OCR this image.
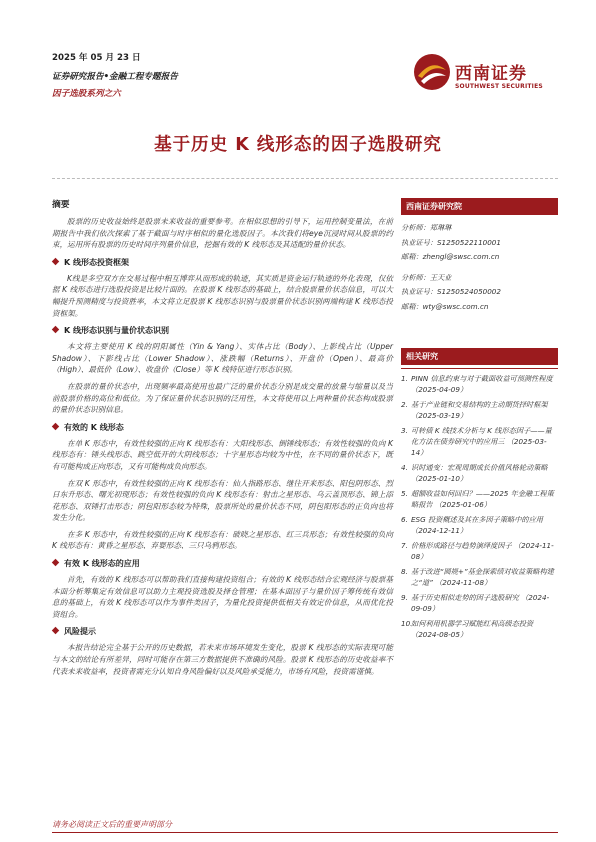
2025 年 05 月 23 日
证券研究报告•金融工程专题报告
因子选股系列之六
西南证券
SOUTHWEST SECURITIES
基于历史 K 线形态的因子选股研究
摘要

股票的历史收益始终是股票未来收益的重要参考。在相似思想的引导下，运用控制变量法，在前期报告中我们依次探索了基于截面与时序相似的量化选股因子。本次我们将eye沉浸时间从股票的约束，运用所有股票的历史时间序列量价信息，挖掘有效的 K 线形态及其适配的量价状态。

K 线形态投资框架

K线是多空双方在交易过程中相互博弈从而形成的轨迹，其实质是资金运行轨迹的外化表现，仅依据 K 线形态进行选股投资是比较片面的。在股票 K 线形态的基础上，结合股票量价状态信息，可以大幅提升预测精度与投资胜率，本文将立足股票 K 线形态识别与股票量价状态识别两端构建 K 线形态投资框架。

K 线形态识别与量价状态识别

本文将主要使用 K 线的阴阳属性（Yin & Yang）、实体占比（Body）、上影线占比（Upper Shadow）、下影线占比（Lower Shadow）、涨跌幅（Returns）、开盘价（Open）、最高价（High）、最低价（Low）、收盘价（Close）等 K 线特征进行形态识别。

在股票的量价状态中，出现频率最高使用也最广泛的量价状态分别是成交量的放量与缩量以及当前股票价格的高位和低位。为了保证量价状态识别的泛用性，本文将使用以上两种量价状态构成股票的量价状态识别信息。

有效的 K 线形态

在单 K 形态中，有效性较强的正向 K 线形态有：大阳线形态、倒锤线形态；有效性较强的负向 K 线形态有：锤头线形态、跳空低开的大阴线形态；十字星形态均较为中性，在不同的量价状态下，既有可能构成正向形态，又有可能构成负向形态。

在双 K 形态中，有效性较强的正向 K 线形态有：仙人指路形态、继往开来形态、阳包阴形态、烈日东升形态、曙光初现形态；有效性较强的负向 K 线形态有：射击之星形态、乌云盖顶形态、锦上添花形态、双锤打击形态；阴包阳形态较为特殊，股票所处的量价状态不同，阴包阳形态的正负向也将发生分化。

在多 K 形态中，有效性较强的正向 K 线形态有：破晓之星形态、红三兵形态；有效性较强的负向 K 线形态有：黄昏之星形态、弃婴形态、三只乌鸦形态。

有效 K 线形态的应用

首先，有效的 K 线形态可以帮助我们直接构建投资组合；有效的 K 线形态结合宏观经济与股票基本面分析筹集定有效信息可以助力主观投资选股及择仓管理；在基本面因子与量价因子筹传统有效信息的基础上，有效 K 线形态可以作为事件类因子，为量化投资提供低相关有效定价信息，从而优化投资组合。

风险提示

本报告结论完全基于公开的历史数据，若未来市场环境发生变化，股票 K 线形态的实际表现可能与本文的结论有所差异，同时可能存在第三方数据提供不准确的风险。股票 K 线形态的历史收益率不代表未来收益率，投资者需充分认知自身风险偏好以及风险承受能力，市场有风险，投资需谨慎。

西南证券研究院
分析师：郑琳琳
执业证号：S1250522110001
邮箱：zhengl@swsc.com.cn
分析师：王天业
执业证号：S1250524050002
邮箱：wty@swsc.com.cn
相关研究
1. PINN 信息约束与对于截面收益可预测性程度 （2025-04-09）
2. 基于产业链和交易结构的主动期货择时框架 （2025-03-19）
3. 可转债 K 线技术分析与 K 线形态因子——量化方法在债券研究中的应用三 （2025-03-14）
4. 识时通变：宏观周期成长价值风格轮动策略 （2025-01-10）
5. 超额收益如何回归？——2025 年金融工程策略报告 （2025-01-06）
6. ESG 投资概述及其在多因子策略中的应用 （2024-12-11）
7. 价格形成路径与趋势演绎度因子 （2024-11-08）
8. 基于改进“圆规+”基金探索绩对收益策略构建之“道” （2024-11-08）
9. 基于历史相似走势的因子选股研究 （2024-09-09）
10.
如何利用机器学习赋能红利高级态投资 （2024-08-05）
请务必阅读正文后的重要声明部分
